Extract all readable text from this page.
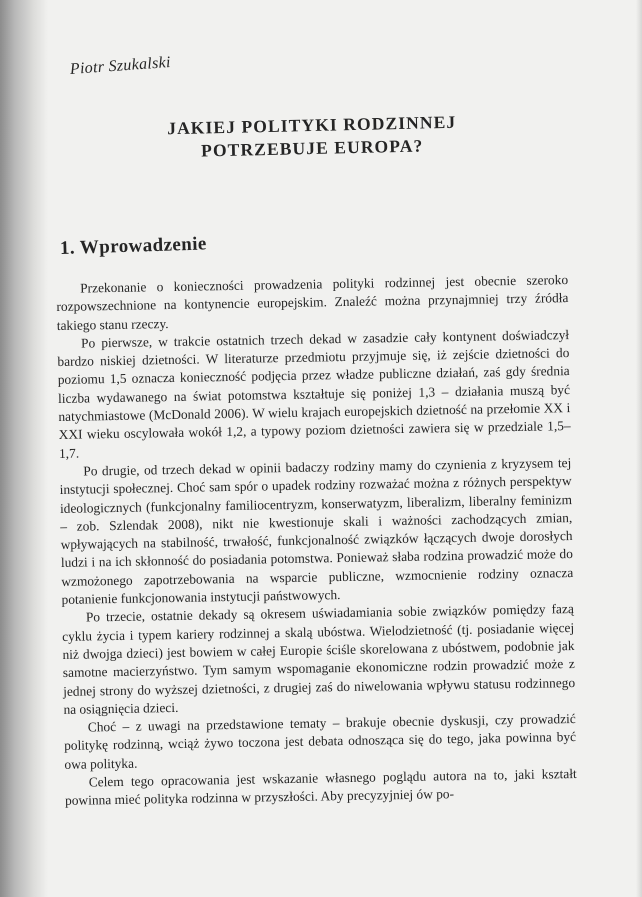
Piotr Szukalski
JAKIEJ POLITYKI RODZINNEJ
POTRZEBUJE EUROPA?
1. Wprowadzenie

Przekonanie o konieczności prowadzenia polityki rodzinnej jest obecnie szeroko rozpowszechnione na kontynencie europejskim. Znaleźć można przynajmniej trzy źródła takiego stanu rzeczy.

Po pierwsze, w trakcie ostatnich trzech dekad w zasadzie cały kontynent doświadczył bardzo niskiej dzietności. W literaturze przedmiotu przyjmuje się, iż zejście dzietności do poziomu 1,5 oznacza konieczność podjęcia przez władze publiczne działań, zaś gdy średnia liczba wydawanego na świat potomstwa kształtuje się poniżej 1,3 – działania muszą być natychmiastowe (McDonald 2006). W wielu krajach europejskich dzietność na przełomie XX i XXI wieku oscylowała wokół 1,2, a typowy poziom dzietności zawiera się w przedziale 1,5–1,7.

Po drugie, od trzech dekad w opinii badaczy rodziny mamy do czynienia z kryzysem tej instytucji społecznej. Choć sam spór o upadek rodziny rozważać można z różnych perspektyw ideologicznych (funkcjonalny familiocentryzm, konserwatyzm, liberalizm, liberalny feminizm – zob. Szlendak 2008), nikt nie kwestionuje skali i ważności zachodzących zmian, wpływających na stabilność, trwałość, funkcjonalność związków łączących dwoje dorosłych ludzi i na ich skłonność do posiadania potomstwa. Ponieważ słaba rodzina prowadzić może do wzmożonego zapotrzebowania na wsparcie publiczne, wzmocnienie rodziny oznacza potanienie funkcjonowania instytucji państwowych.

Po trzecie, ostatnie dekady są okresem uświadamiania sobie związków pomiędzy fazą cyklu życia i typem kariery rodzinnej a skalą ubóstwa. Wielodzietność (tj. posiadanie więcej niż dwojga dzieci) jest bowiem w całej Europie ściśle skorelowana z ubóstwem, podobnie jak samotne macierzyństwo. Tym samym wspomaganie ekonomiczne rodzin prowadzić może z jednej strony do wyższej dzietności, z drugiej zaś do niwelowania wpływu statusu rodzinnego na osiągnięcia dzieci.

Choć – z uwagi na przedstawione tematy – brakuje obecnie dyskusji, czy prowadzić politykę rodzinną, wciąż żywo toczona jest debata odnosząca się do tego, jaka powinna być owa polityka.

Celem tego opracowania jest wskazanie własnego poglądu autora na to, jaki kształt powinna mieć polityka rodzinna w przyszłości. Aby precyzyjniej ów po-
